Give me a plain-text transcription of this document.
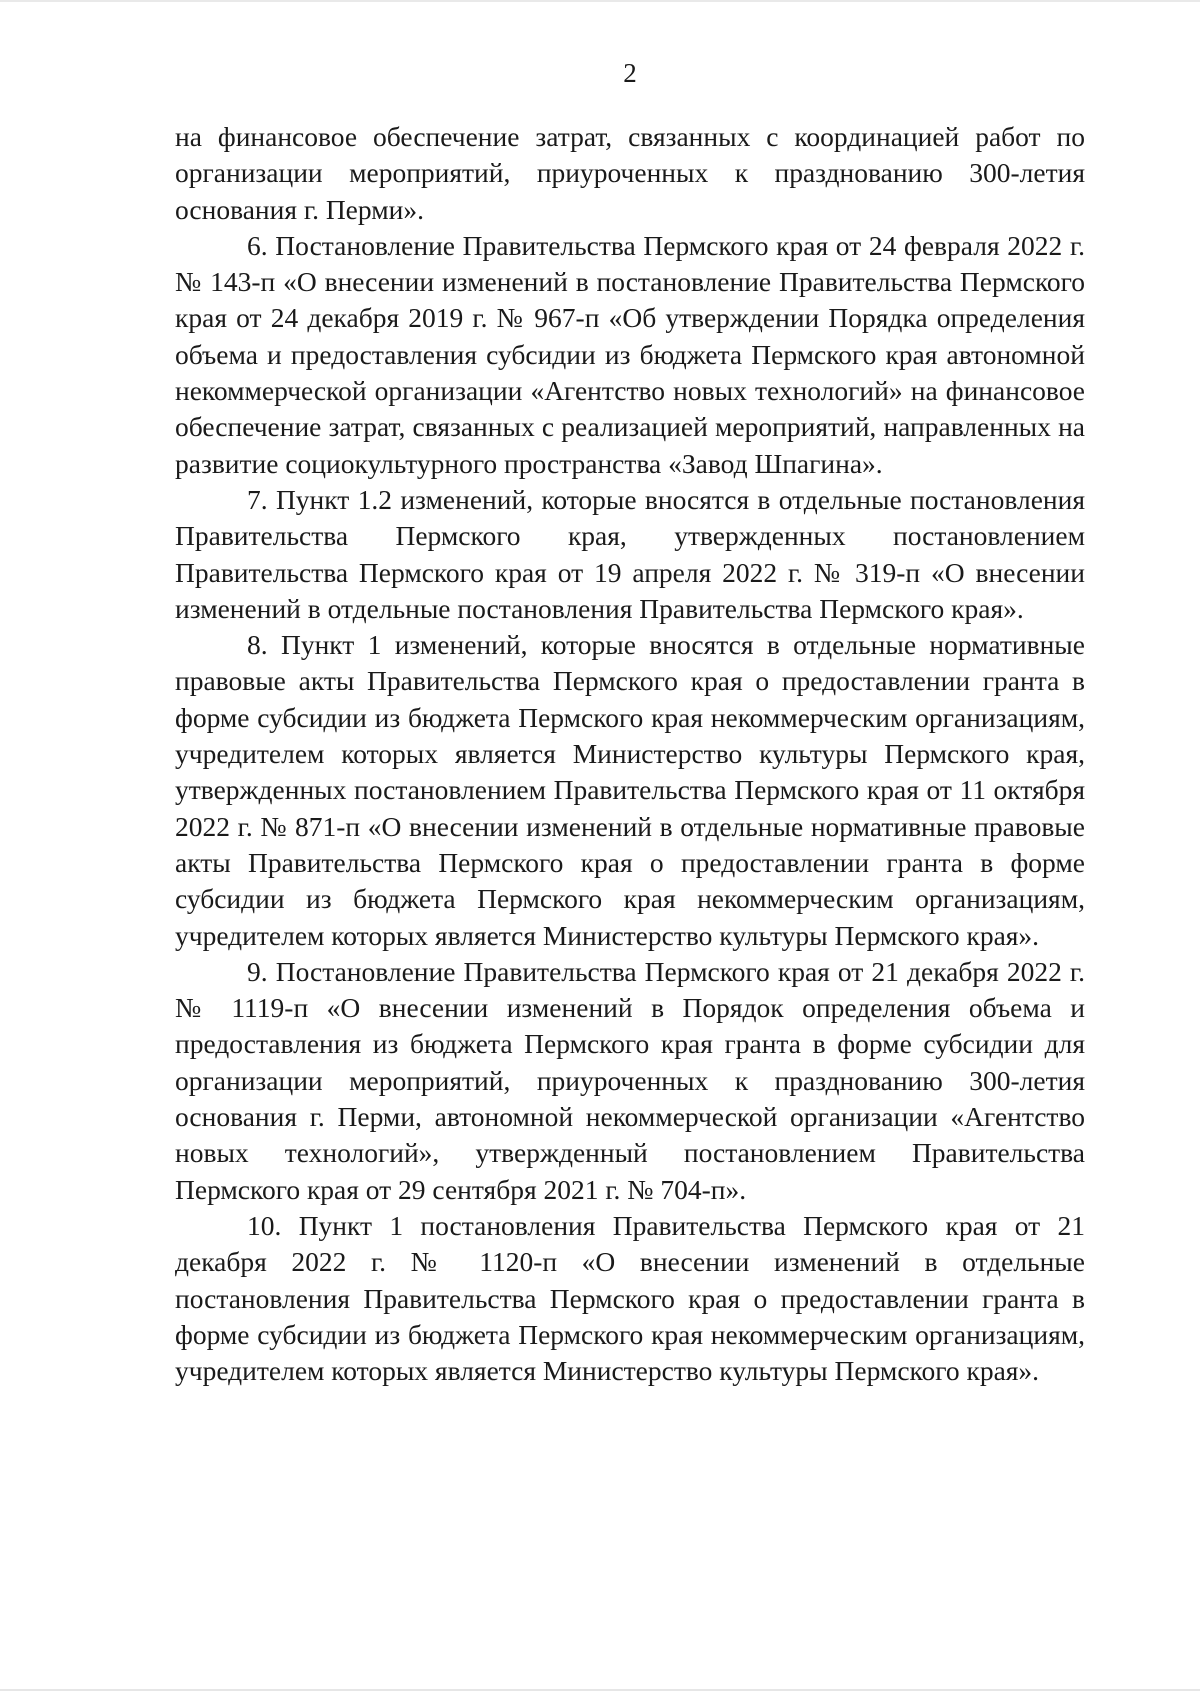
2

на финансовое обеспечение затрат, связанных с координацией работ по организации мероприятий, приуроченных к празднованию 300-летия основания г. Перми».

6. Постановление Правительства Пермского края от 24 февраля 2022 г. № 143-п «О внесении изменений в постановление Правительства Пермского края от 24 декабря 2019 г. № 967-п «Об утверждении Порядка определения объема и предоставления субсидии из бюджета Пермского края автономной некоммерческой организации «Агентство новых технологий» на финансовое обеспечение затрат, связанных с реализацией мероприятий, направленных на развитие социокультурного пространства «Завод Шпагина».

7. Пункт 1.2 изменений, которые вносятся в отдельные постановления Правительства Пермского края, утвержденных постановлением Правительства Пермского края от 19 апреля 2022 г. № 319-п «О внесении изменений в отдельные постановления Правительства Пермского края».

8. Пункт 1 изменений, которые вносятся в отдельные нормативные правовые акты Правительства Пермского края о предоставлении гранта в форме субсидии из бюджета Пермского края некоммерческим организациям, учредителем которых является Министерство культуры Пермского края, утвержденных постановлением Правительства Пермского края от 11 октября 2022 г. № 871-п «О внесении изменений в отдельные нормативные правовые акты Правительства Пермского края о предоставлении гранта в форме субсидии из бюджета Пермского края некоммерческим организациям, учредителем которых является Министерство культуры Пермского края».

9. Постановление Правительства Пермского края от 21 декабря 2022 г. № 1119-п «О внесении изменений в Порядок определения объема и предоставления из бюджета Пермского края гранта в форме субсидии для организации мероприятий, приуроченных к празднованию 300-летия основания г. Перми, автономной некоммерческой организации «Агентство новых технологий», утвержденный постановлением Правительства Пермского края от 29 сентября 2021 г. № 704-п».

10. Пункт 1 постановления Правительства Пермского края от 21 декабря 2022 г. № 1120-п «О внесении изменений в отдельные постановления Правительства Пермского края о предоставлении гранта в форме субсидии из бюджета Пермского края некоммерческим организациям, учредителем которых является Министерство культуры Пермского края».
